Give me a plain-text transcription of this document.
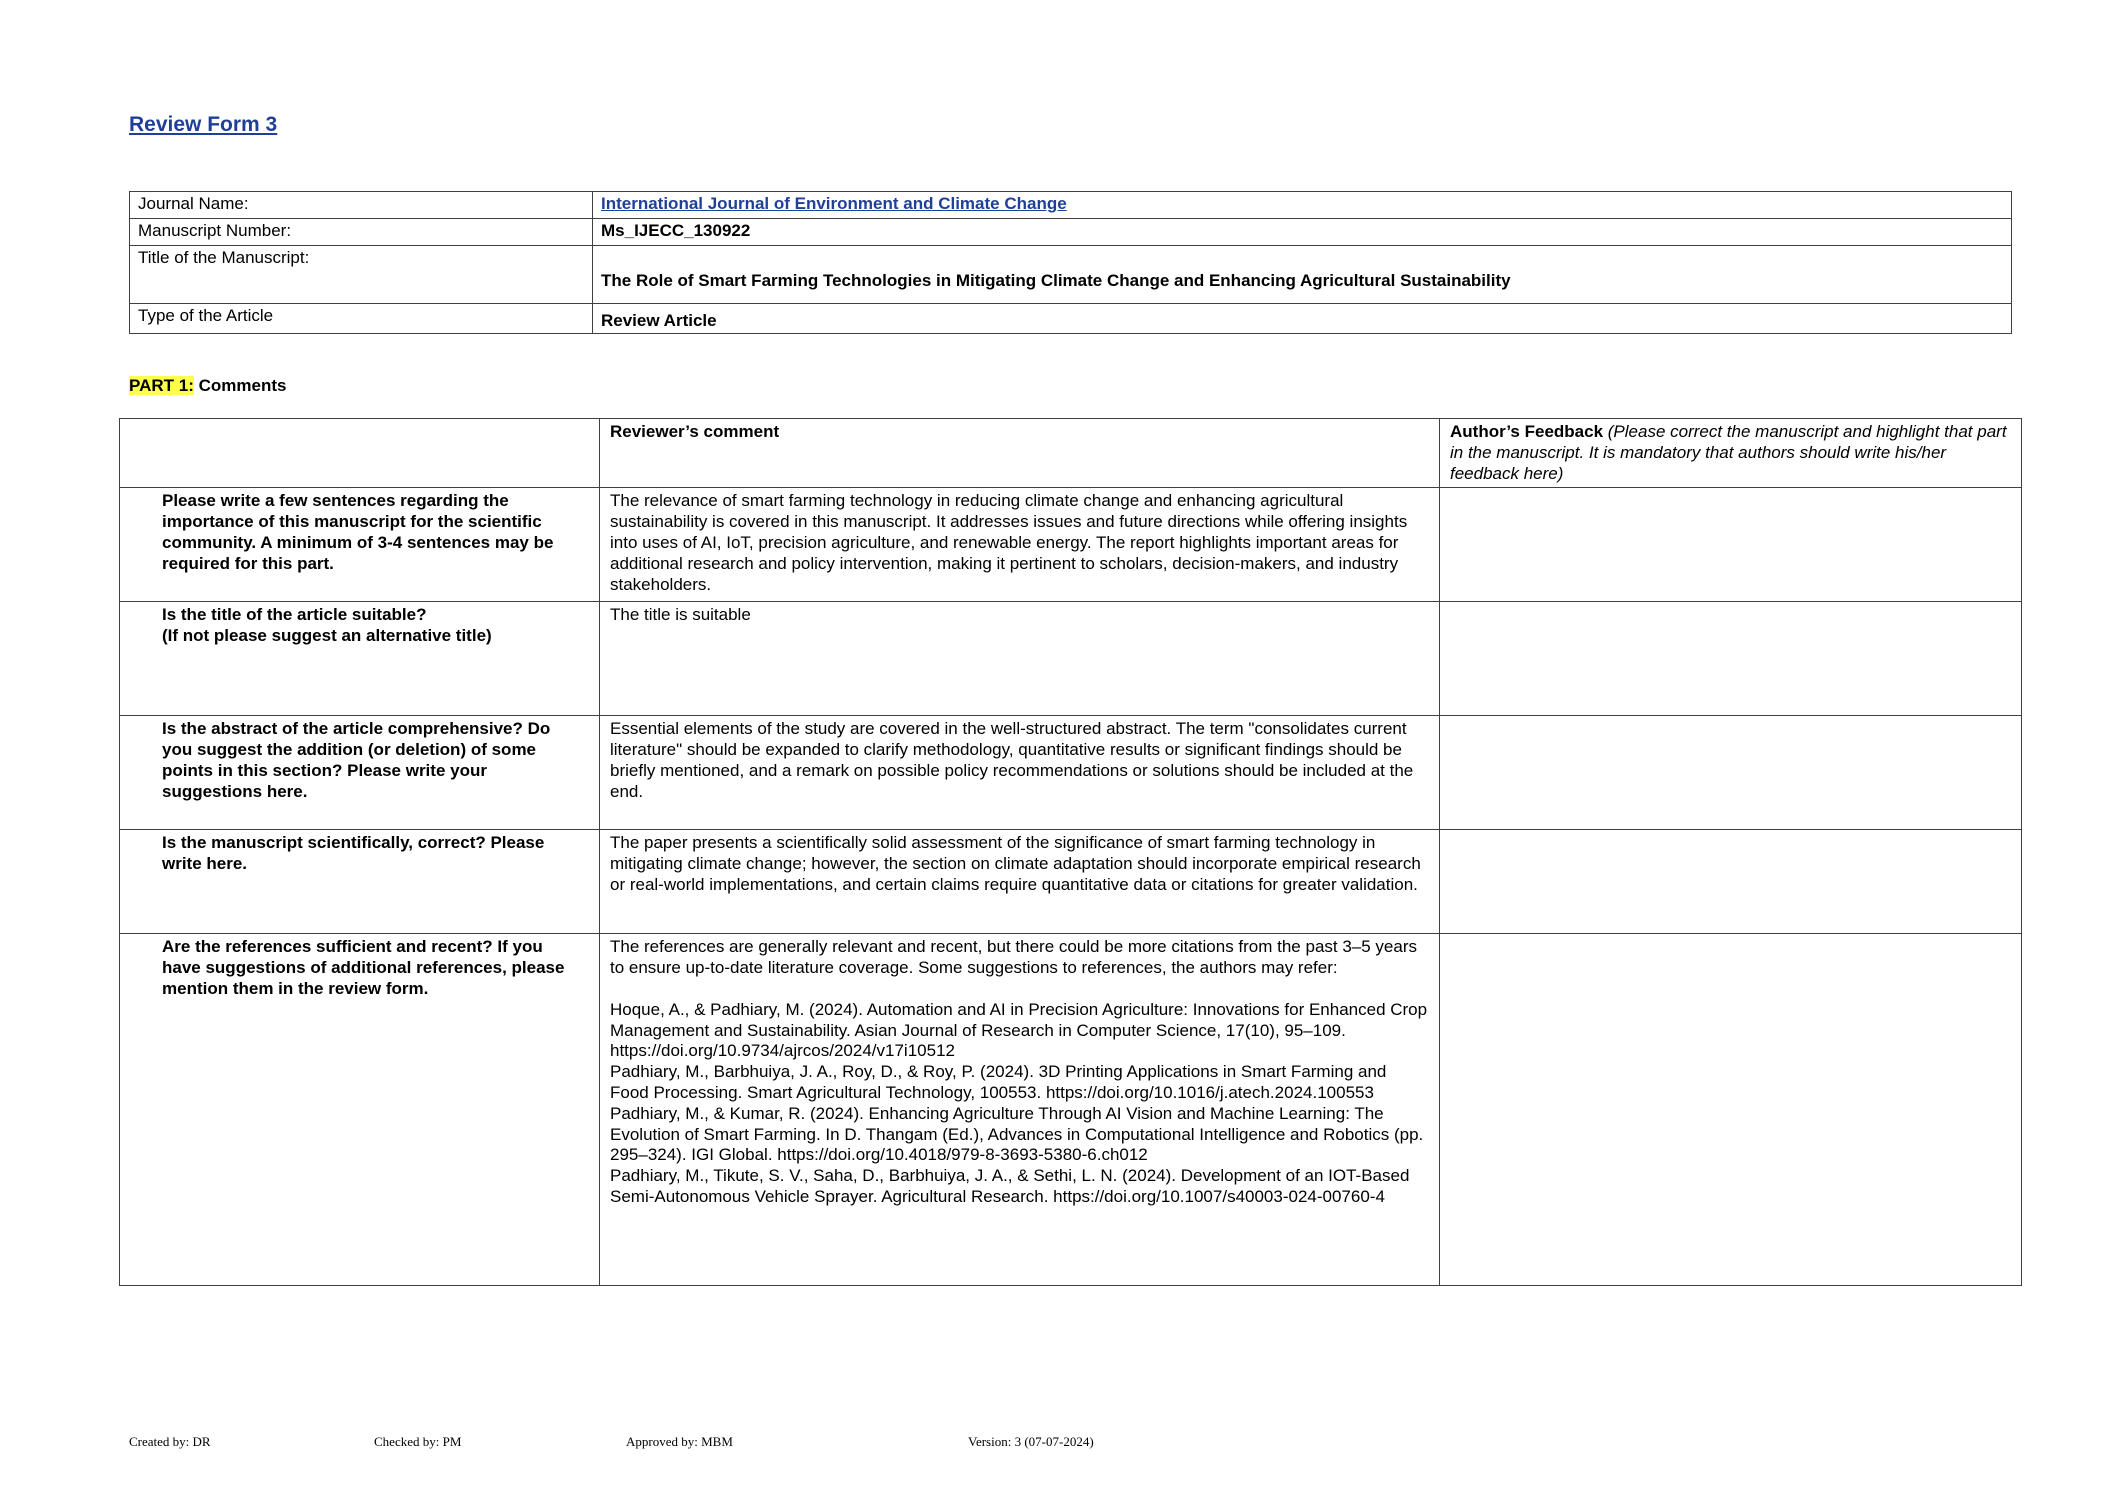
Review Form 3
Journal Name:	International Journal of Environment and Climate Change
Manuscript Number:	Ms_IJECC_130922
Title of the Manuscript:	The Role of Smart Farming Technologies in Mitigating Climate Change and Enhancing Agricultural Sustainability
Type of the Article	Review Article

PART 1: Comments

	Reviewer’s comment	Author’s Feedback (Please correct the manuscript and highlight that part in the manuscript. It is mandatory that authors should write his/her feedback here)
Please write a few sentences regarding the importance of this manuscript for the scientific community. A minimum of 3-4 sentences may be required for this part.	The relevance of smart farming technology in reducing climate change and enhancing agricultural sustainability is covered in this manuscript. It addresses issues and future directions while offering insights into uses of AI, IoT, precision agriculture, and renewable energy. The report highlights important areas for additional research and policy intervention, making it pertinent to scholars, decision-makers, and industry stakeholders.	
Is the title of the article suitable?
(If not please suggest an alternative title)	The title is suitable	
Is the abstract of the article comprehensive? Do you suggest the addition (or deletion) of some points in this section? Please write your suggestions here.	Essential elements of the study are covered in the well-structured abstract. The term "consolidates current literature" should be expanded to clarify methodology, quantitative results or significant findings should be briefly mentioned, and a remark on possible policy recommendations or solutions should be included at the end.	
Is the manuscript scientifically, correct? Please write here.	The paper presents a scientifically solid assessment of the significance of smart farming technology in mitigating climate change; however, the section on climate adaptation should incorporate empirical research or real-world implementations, and certain claims require quantitative data or citations for greater validation.	
Are the references sufficient and recent? If you have suggestions of additional references, please mention them in the review form.	The references are generally relevant and recent, but there could be more citations from the past 3–5 years to ensure up-to-date literature coverage. Some suggestions to references, the authors may refer:

Hoque, A., & Padhiary, M. (2024). Automation and AI in Precision Agriculture: Innovations for Enhanced Crop Management and Sustainability. Asian Journal of Research in Computer Science, 17(10), 95–109. https://doi.org/10.9734/ajrcos/2024/v17i10512
Padhiary, M., Barbhuiya, J. A., Roy, D., & Roy, P. (2024). 3D Printing Applications in Smart Farming and Food Processing. Smart Agricultural Technology, 100553. https://doi.org/10.1016/j.atech.2024.100553
Padhiary, M., & Kumar, R. (2024). Enhancing Agriculture Through AI Vision and Machine Learning: The Evolution of Smart Farming. In D. Thangam (Ed.), Advances in Computational Intelligence and Robotics (pp. 295–324). IGI Global. https://doi.org/10.4018/979-8-3693-5380-6.ch012
Padhiary, M., Tikute, S. V., Saha, D., Barbhuiya, J. A., & Sethi, L. N. (2024). Development of an IOT-Based Semi-Autonomous Vehicle Sprayer. Agricultural Research. https://doi.org/10.1007/s40003-024-00760-4	
Created by: DR	Checked by: PM	Approved by: MBM	Version: 3 (07-07-2024)
